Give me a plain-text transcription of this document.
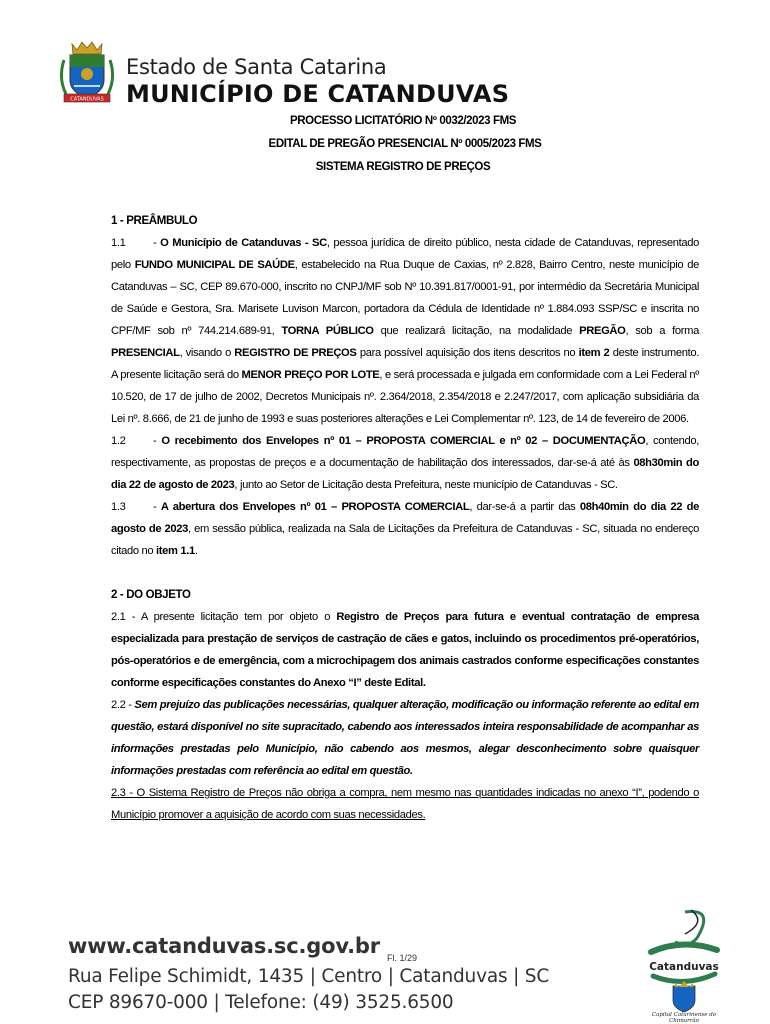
CATANDUVAS
Estado de Santa Catarina
MUNICÍPIO DE CATANDUVAS
PROCESSO LICITATÓRIO Nº 0032/2023 FMS
EDITAL DE PREGÃO PRESENCIAL Nº 0005/2023 FMS
SISTEMA REGISTRO DE PREÇOS
1 - PREÂMBULO

1.1 - O Município de Catanduvas - SC, pessoa jurídica de direito público, nesta cidade de Catanduvas, representado pelo FUNDO MUNICIPAL DE SAÚDE, estabelecido na Rua Duque de Caxias, nº 2.828, Bairro Centro, neste município de Catanduvas – SC, CEP 89.670-000, inscrito no CNPJ/MF sob Nº 10.391.817/0001-91, por intermédio da Secretária Municipal de Saúde e Gestora, Sra. Marisete Luvison Marcon, portadora da Cédula de Identidade nº 1.884.093 SSP/SC e inscrita no CPF/MF sob nº 744.214.689-91, TORNA PÚBLICO que realizará licitação, na modalidade PREGÃO, sob a forma PRESENCIAL, visando o REGISTRO DE PREÇOS para possível aquisição dos itens descritos no item 2 deste instrumento. A presente licitação será do MENOR PREÇO POR LOTE, e será processada e julgada em conformidade com a Lei Federal nº 10.520, de 17 de julho de 2002, Decretos Municipais nº. 2.364/2018, 2.354/2018 e 2.247/2017, com aplicação subsidiária da Lei nº. 8.666, de 21 de junho de 1993 e suas posteriores alterações e Lei Complementar nº. 123, de 14 de fevereiro de 2006.

1.2 - O recebimento dos Envelopes nº 01 – PROPOSTA COMERCIAL e nº 02 – DOCUMENTAÇÃO, contendo, respectivamente, as propostas de preços e a documentação de habilitação dos interessados, dar-se-á até às 08h30min do dia 22 de agosto de 2023, junto ao Setor de Licitação desta Prefeitura, neste município de Catanduvas - SC.

1.3 - A abertura dos Envelopes nº 01 – PROPOSTA COMERCIAL, dar-se-á a partir das 08h40min do dia 22 de agosto de 2023, em sessão pública, realizada na Sala de Licitações da Prefeitura de Catanduvas - SC, situada no endereço citado no item 1.1.

2 - DO OBJETO

2.1 - A presente licitação tem por objeto o Registro de Preços para futura e eventual contratação de empresa especializada para prestação de serviços de castração de cães e gatos, incluindo os procedimentos pré-operatórios, pós-operatórios e de emergência, com a microchipagem dos animais castrados conforme especificações constantes conforme especificações constantes do Anexo “I” deste Edital.

2.2 - Sem prejuízo das publicações necessárias, qualquer alteração, modificação ou informação referente ao edital em questão, estará disponível no site supracitado, cabendo aos interessados inteira responsabilidade de acompanhar as informações prestadas pelo Município, não cabendo aos mesmos, alegar desconhecimento sobre quaisquer informações prestadas com referência ao edital em questão.

2.3 - O Sistema Registro de Preços não obriga a compra, nem mesmo nas quantidades indicadas no anexo “I”, podendo o Município promover a aquisição de acordo com suas necessidades.

www.catanduvas.sc.gov.br Fl. 1/29
Rua Felipe Schimidt, 1435 | Centro | Catanduvas | SC
CEP 89670-000 | Telefone: (49) 3525.6500
Catanduvas
Capital Catarinense do Chimarrão
